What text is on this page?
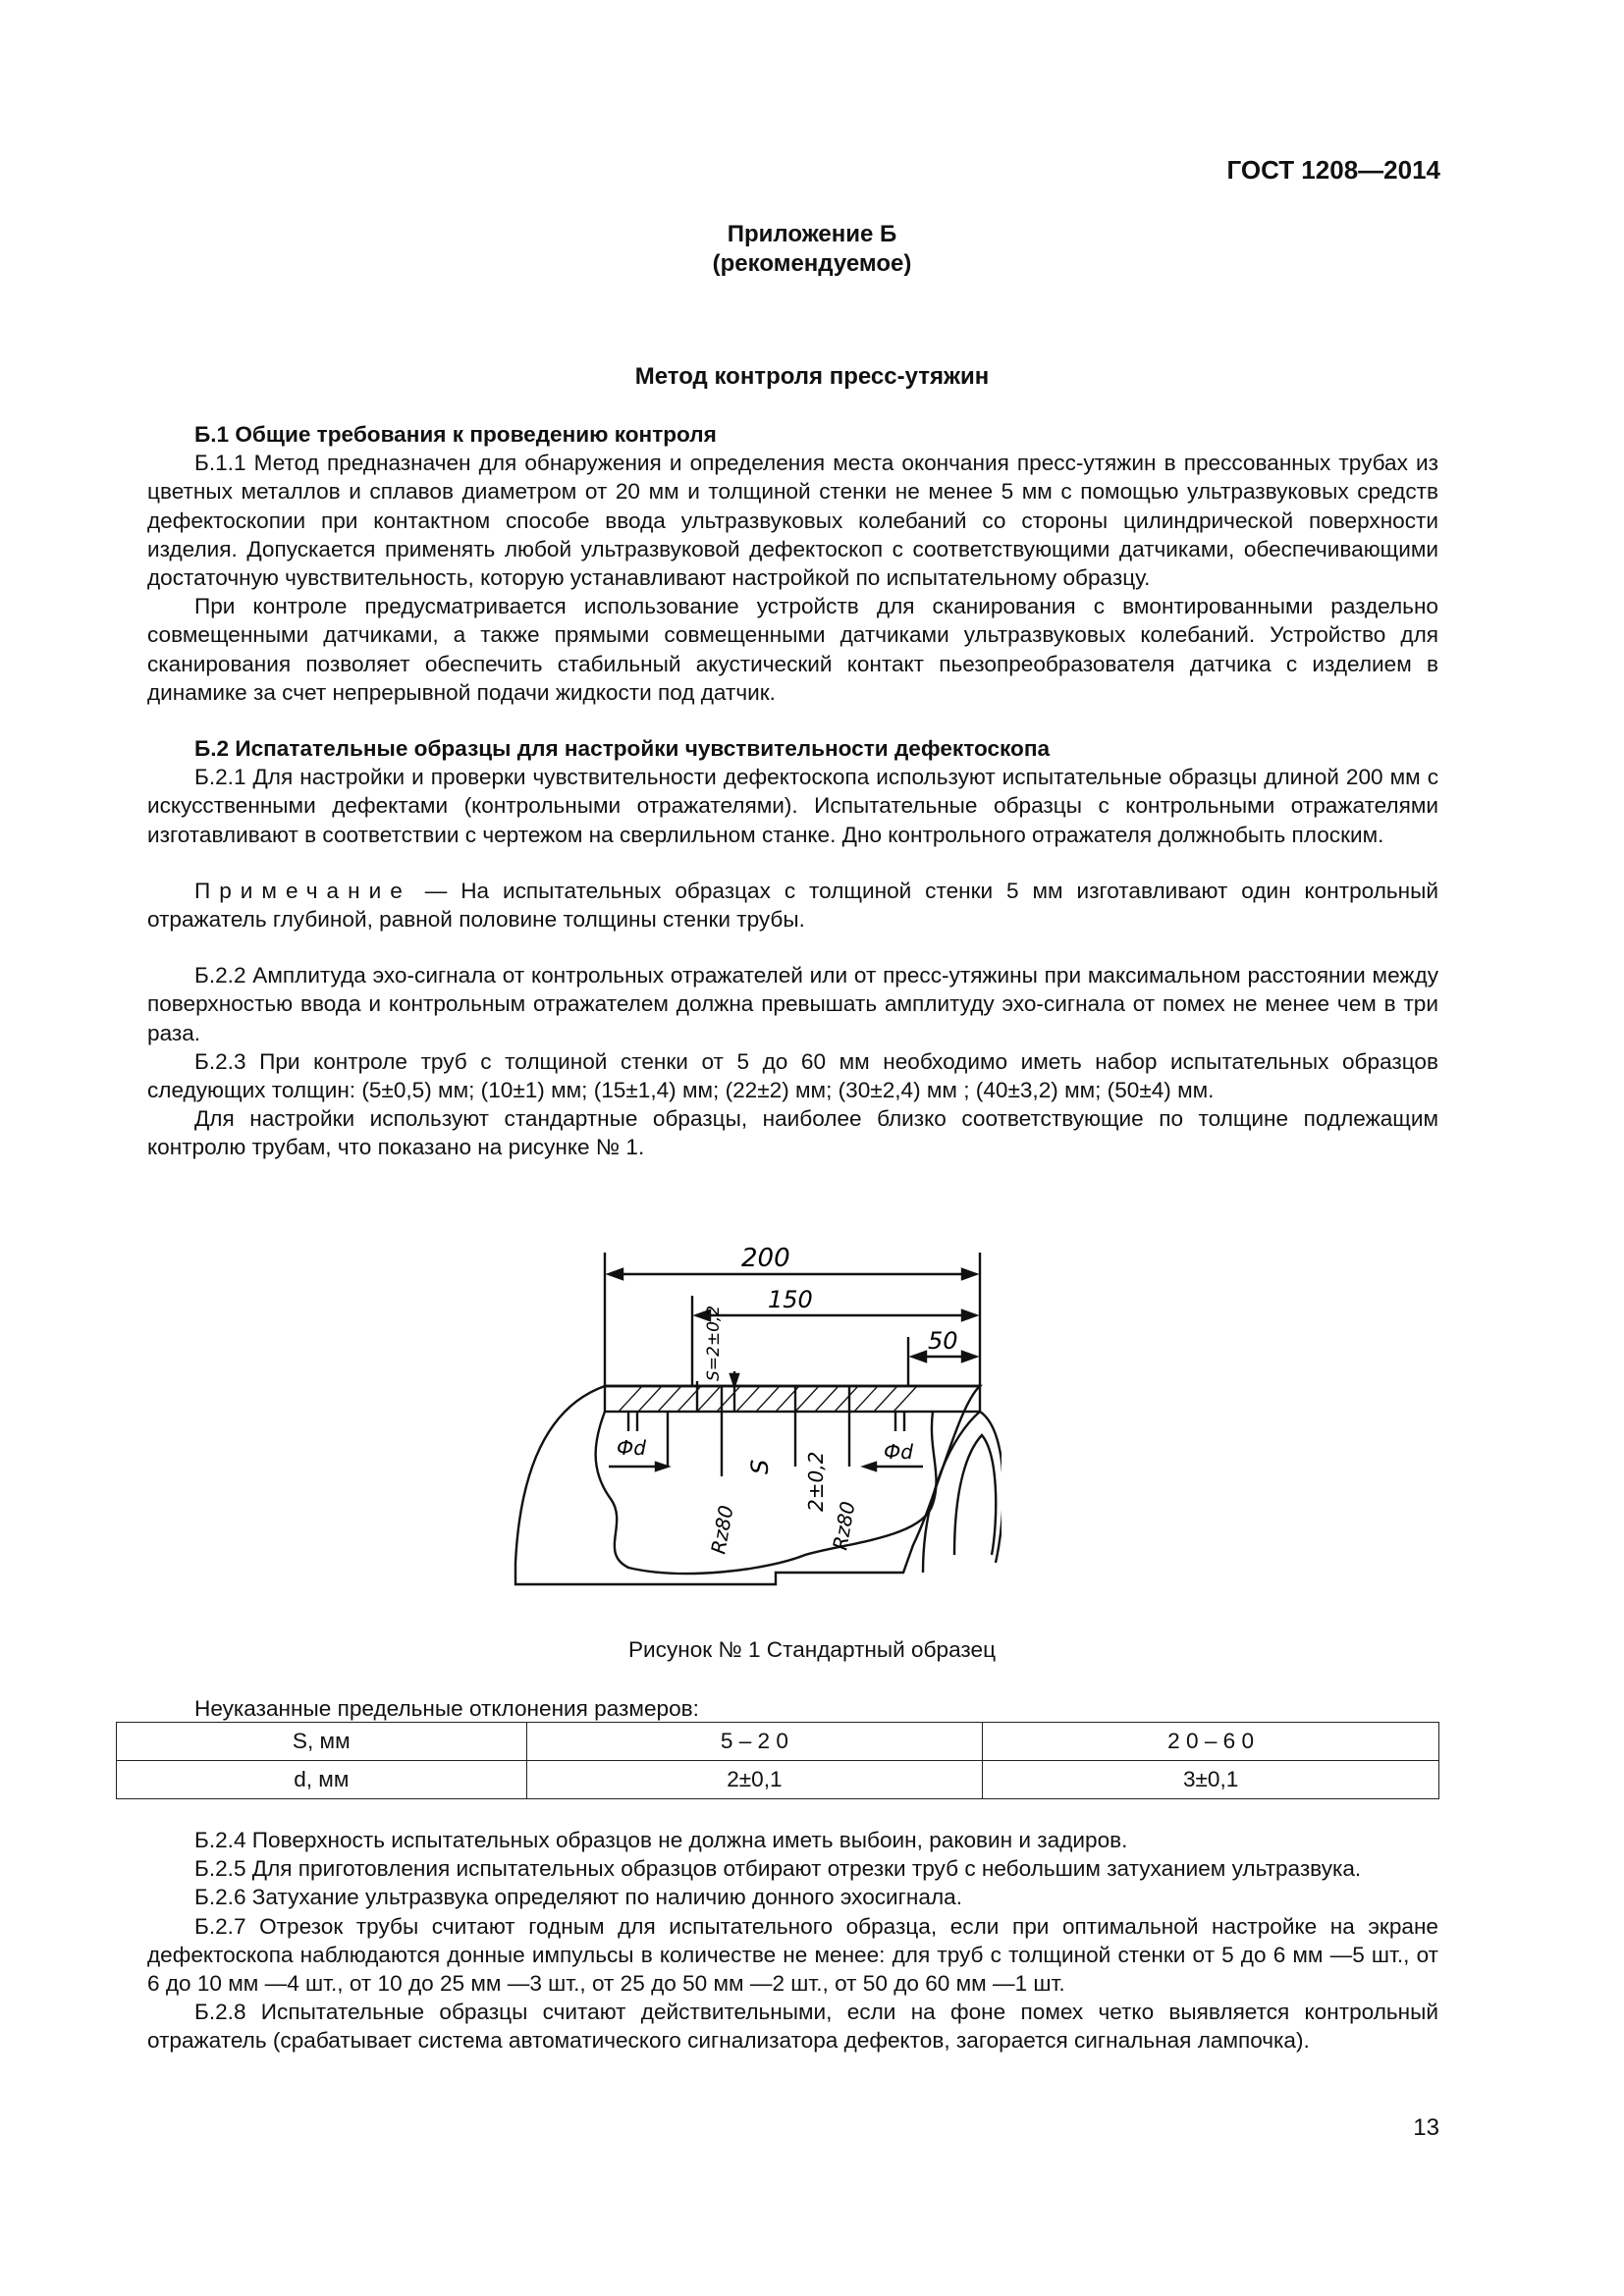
ГОСТ 1208—2014
Приложение Б
(рекомендуемое)
Метод контроля пресс-утяжин
Б.1 Общие требования к проведению контроля

Б.1.1 Метод предназначен для обнаружения и определения места окончания пресс-утяжин в прессованных трубах из цветных металлов и сплавов диаметром от 20 мм и толщиной стенки не менее 5 мм с помощью ультразвуковых средств дефектоскопии при контактном способе ввода ультразвуковых колебаний со стороны цилиндрической поверхности изделия. Допускается применять любой ультразвуковой дефектоскоп с соответствующими датчиками, обеспечивающими достаточную чувствительность, которую устанавливают настройкой по испытательному образцу.

При контроле предусматривается использование устройств для сканирования с вмонтированными раздельно совмещенными датчиками, а также прямыми совмещенными датчиками ультразвуковых колебаний. Устройство для сканирования позволяет обеспечить стабильный акустический контакт пьезопреобразователя датчика с изделием в динамике за счет непрерывной подачи жидкости под датчик.

Б.2 Испатательные образцы для настройки чувствительности дефектоскопа

Б.2.1 Для настройки и проверки чувствительности дефектоскопа используют испытательные образцы длиной 200 мм с искусственными дефектами (контрольными отражателями). Испытательные образцы с контрольными отражателями изготавливают в соответствии с чертежом на сверлильном станке. Дно контрольного отражателя должнобыть плоским.

Примечание — На испытательных образцах с толщиной стенки 5 мм изготавливают один контрольный отражатель глубиной, равной половине толщины стенки трубы.

Б.2.2 Амплитуда эхо-сигнала от контрольных отражателей или от пресс-утяжины при максимальном расстоянии между поверхностью ввода и контрольным отражателем должна превышать амплитуду эхо-сигнала от помех не менее чем в три раза.

Б.2.3 При контроле труб с толщиной стенки от 5 до 60 мм необходимо иметь набор испытательных образцов следующих толщин: (5±0,5) мм; (10±1) мм; (15±1,4) мм; (22±2) мм; (30±2,4) мм ; (40±3,2) мм; (50±4) мм.

Для настройки используют стандартные образцы, наиболее близко соответствующие по толщине подлежащим контролю трубам, что показано на рисунке № 1.

200
150
50
S=2±0,2
Фd	Фd
S 2±0,2
Rz80	Rz80
Рисунок № 1 Стандартный образец
Неуказанные предельные отклонения размеров:
S, мм	5 – 2 0	2 0 – 6 0
d, мм	2±0,1	3±0,1

Б.2.4 Поверхность испытательных образцов не должна иметь выбоин, раковин и задиров.

Б.2.5 Для приготовления испытательных образцов отбирают отрезки труб с небольшим затуханием ультразвука.

Б.2.6 Затухание ультразвука определяют по наличию донного эхосигнала.

Б.2.7 Отрезок трубы считают годным для испытательного образца, если при оптимальной настройке на экране дефектоскопа наблюдаются донные импульсы в количестве не менее: для труб с толщиной стенки от 5 до 6 мм —5 шт., от 6 до 10 мм —4 шт., от 10 до 25 мм —3 шт., от 25 до 50 мм —2 шт., от 50 до 60 мм —1 шт.

Б.2.8 Испытательные образцы считают действительными, если на фоне помех четко выявляется контрольный отражатель (срабатывает система автоматического сигнализатора дефектов, загорается сигнальная лампочка).

13
